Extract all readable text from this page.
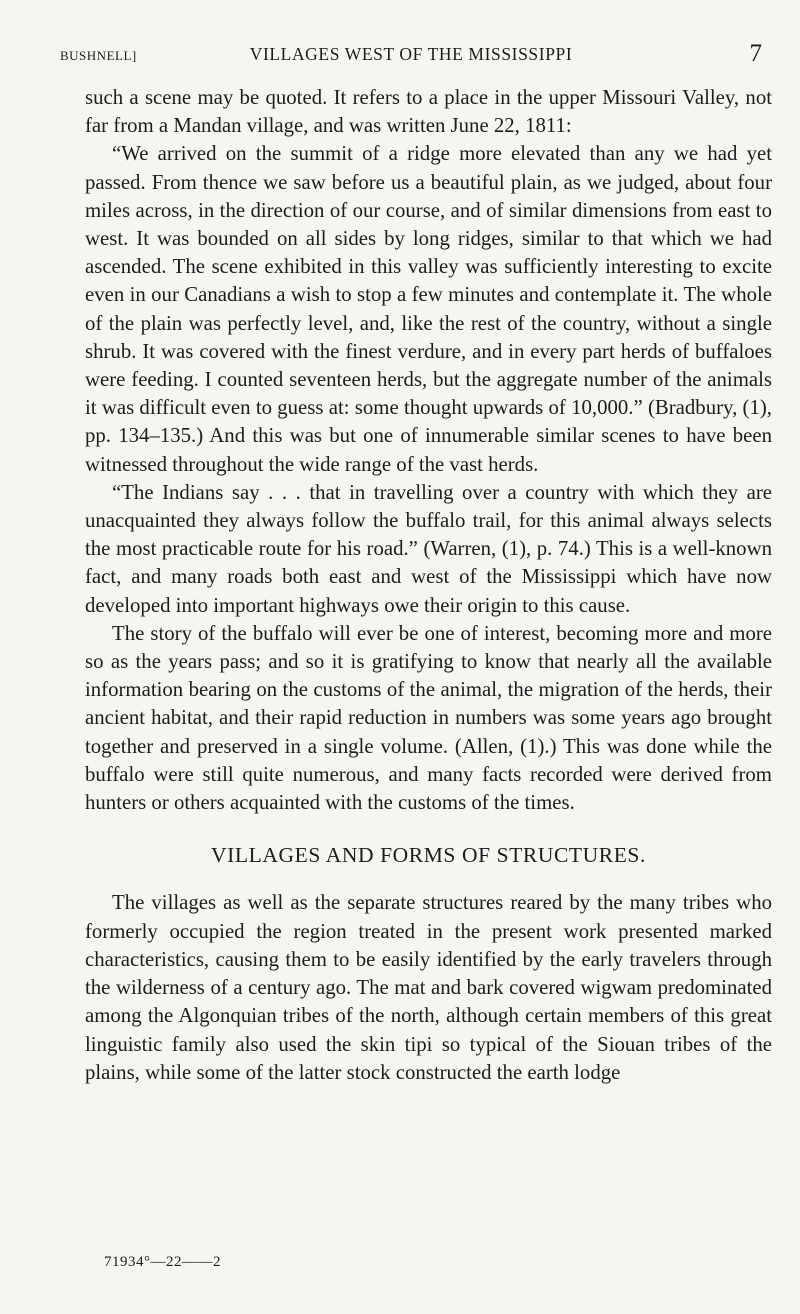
BUSHNELL]	VILLAGES WEST OF THE MISSISSIPPI	7

such a scene may be quoted. It refers to a place in the upper Missouri Valley, not far from a Mandan village, and was written June 22, 1811:

“We arrived on the summit of a ridge more elevated than any we had yet passed. From thence we saw before us a beautiful plain, as we judged, about four miles across, in the direction of our course, and of similar dimensions from east to west. It was bounded on all sides by long ridges, similar to that which we had ascended. The scene exhibited in this valley was sufficiently interesting to excite even in our Canadians a wish to stop a few minutes and contemplate it. The whole of the plain was perfectly level, and, like the rest of the country, without a single shrub. It was covered with the finest verdure, and in every part herds of buffaloes were feeding. I counted seventeen herds, but the aggregate number of the animals it was difficult even to guess at: some thought upwards of 10,000.” (Bradbury, (1), pp. 134–135.) And this was but one of innumerable similar scenes to have been witnessed throughout the wide range of the vast herds.

“The Indians say . . . that in travelling over a country with which they are unacquainted they always follow the buffalo trail, for this animal always selects the most practicable route for his road.” (Warren, (1), p. 74.) This is a well-known fact, and many roads both east and west of the Mississippi which have now developed into important highways owe their origin to this cause.

The story of the buffalo will ever be one of interest, becoming more and more so as the years pass; and so it is gratifying to know that nearly all the available information bearing on the customs of the animal, the migration of the herds, their ancient habitat, and their rapid reduction in numbers was some years ago brought together and preserved in a single volume. (Allen, (1).) This was done while the buffalo were still quite numerous, and many facts recorded were derived from hunters or others acquainted with the customs of the times.

VILLAGES AND FORMS OF STRUCTURES.

The villages as well as the separate structures reared by the many tribes who formerly occupied the region treated in the present work presented marked characteristics, causing them to be easily identified by the early travelers through the wilderness of a century ago. The mat and bark covered wigwam predominated among the Algonquian tribes of the north, although certain members of this great linguistic family also used the skin tipi so typical of the Siouan tribes of the plains, while some of the latter stock constructed the earth lodge

71934°—22——2
